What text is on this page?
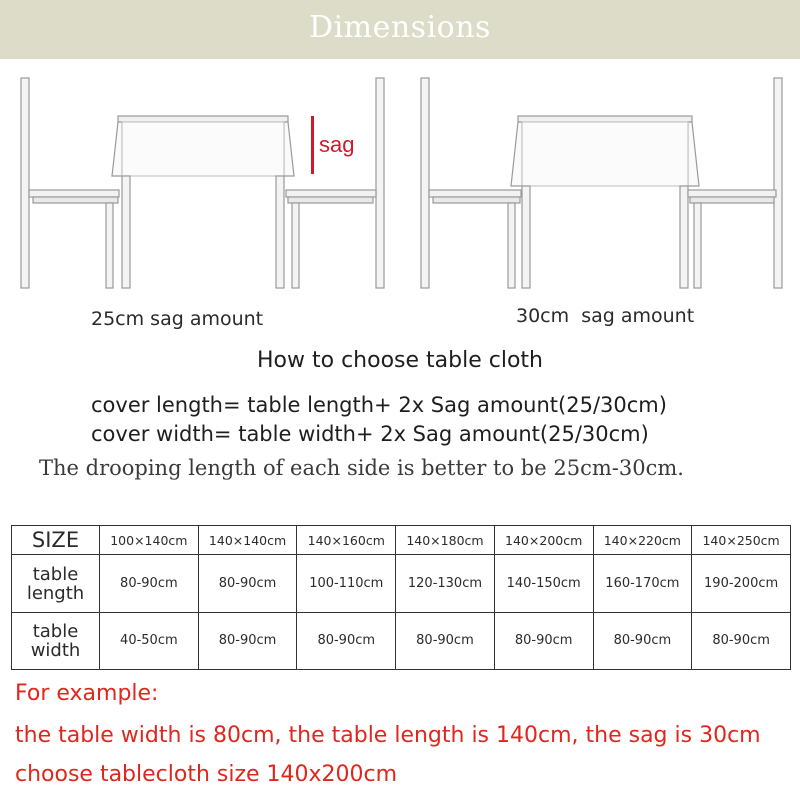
Dimensions
sag
25cm sag amount	30cm  sag amount
How to choose table cloth
cover length= table length+ 2x Sag amount(25/30cm)
cover width= table width+ 2x Sag amount(25/30cm)
The drooping length of each side is better to be 25cm-30cm.
SIZE	100×140cm	140×140cm	140×160cm	140×180cm	140×200cm	140×220cm	140×250cm
table
length	80-90cm	80-90cm	100-110cm	120-130cm	140-150cm	160-170cm	190-200cm
table
width	40-50cm	80-90cm	80-90cm	80-90cm	80-90cm	80-90cm	80-90cm
For example:
the table width is 80cm, the table length is 140cm, the sag is 30cm
choose tablecloth size 140x200cm
